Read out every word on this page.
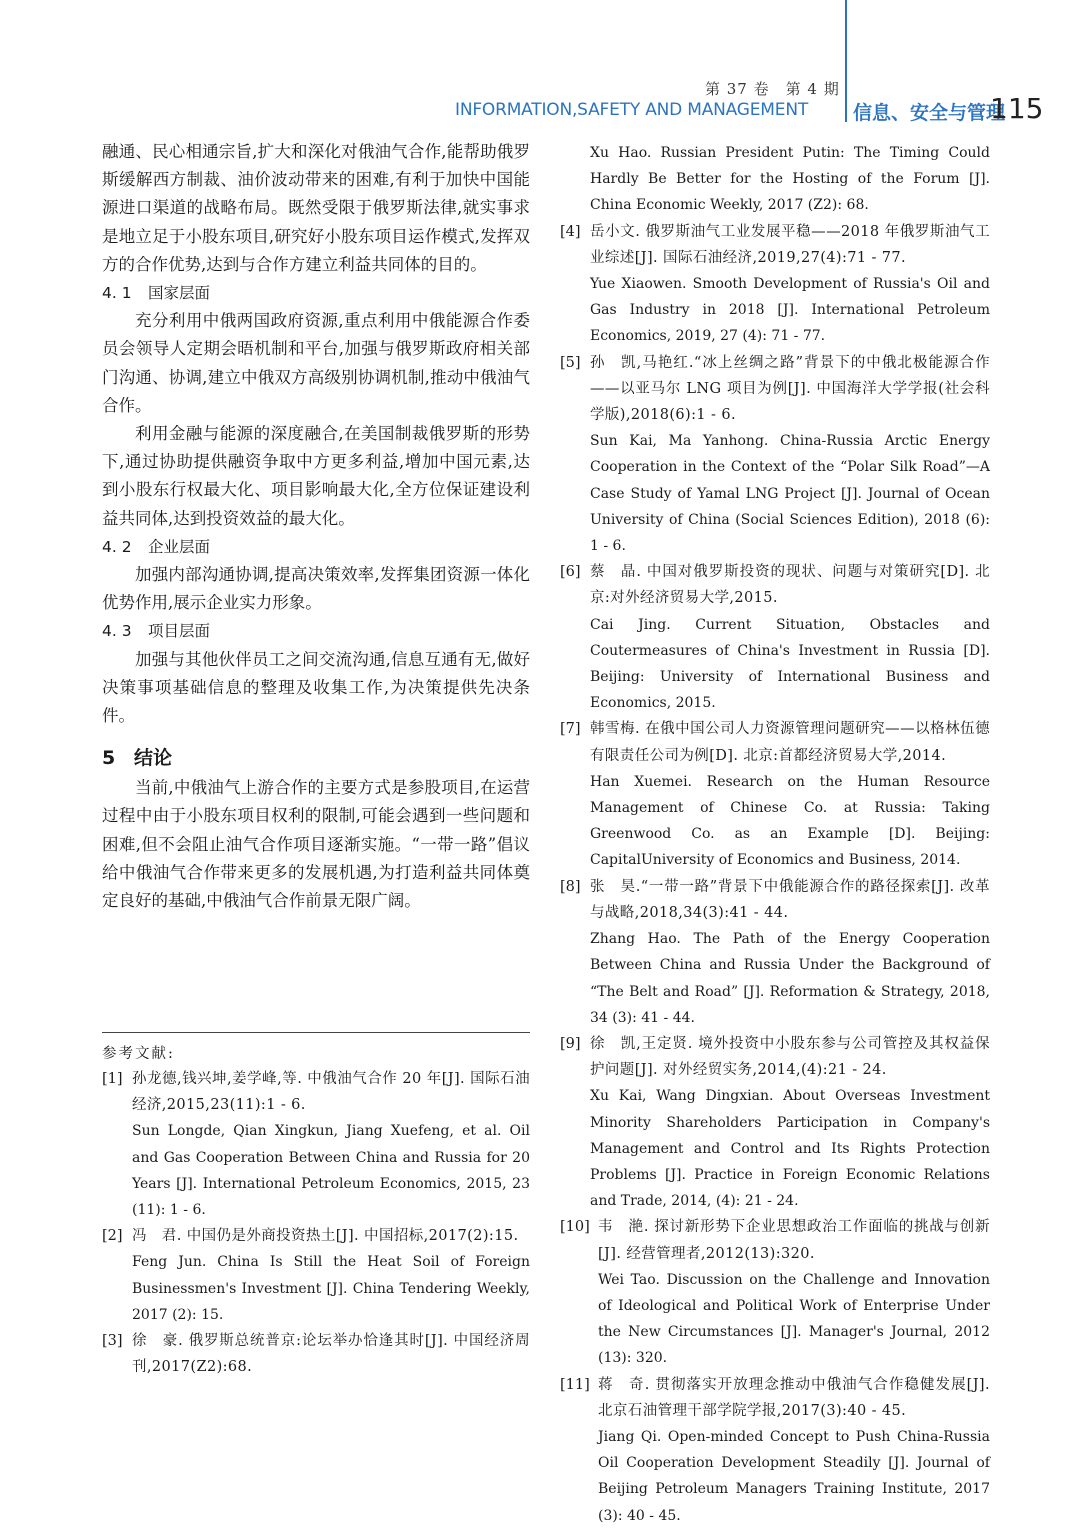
第 37 卷　第 4 期
INFORMATION,SAFETY AND MANAGEMENT 信息、安全与管理
115

融通、民心相通宗旨,扩大和深化对俄油气合作,能帮助俄罗斯缓解西方制裁、油价波动带来的困难,有利于加快中国能源进口渠道的战略布局。既然受限于俄罗斯法律,就实事求是地立足于小股东项目,研究好小股东项目运作模式,发挥双方的合作优势,达到与合作方建立利益共同体的目的。

4. 1 国家层面

充分利用中俄两国政府资源,重点利用中俄能源合作委员会领导人定期会晤机制和平台,加强与俄罗斯政府相关部门沟通、协调,建立中俄双方高级别协调机制,推动中俄油气合作。

利用金融与能源的深度融合,在美国制裁俄罗斯的形势下,通过协助提供融资争取中方更多利益,增加中国元素,达到小股东行权最大化、项目影响最大化,全方位保证建设利益共同体,达到投资效益的最大化。

4. 2 企业层面

加强内部沟通协调,提高决策效率,发挥集团资源一体化优势作用,展示企业实力形象。

4. 3 项目层面

加强与其他伙伴员工之间交流沟通,信息互通有无,做好决策事项基础信息的整理及收集工作,为决策提供先决条件。

5 结论

当前,中俄油气上游合作的主要方式是参股项目,在运营过程中由于小股东项目权利的限制,可能会遇到一些问题和困难,但不会阻止油气合作项目逐渐实施。“一带一路”倡议给中俄油气合作带来更多的发展机遇,为打造利益共同体奠定良好的基础,中俄油气合作前景无限广阔。

参考文献:
[1] 孙龙德,钱兴坤,姜学峰,等. 中俄油气合作 20 年[J]. 国际石油经济,2015,23(11):1 - 6.

Sun Longde, Qian Xingkun, Jiang Xuefeng, et al. Oil and Gas Cooperation Between China and Russia for 20 Years [J]. International Petroleum Economics, 2015, 23 (11): 1 - 6.

[2] 冯　君. 中国仍是外商投资热土[J]. 中国招标,2017(2):15.

Feng Jun. China Is Still the Heat Soil of Foreign Businessmen's Investment [J]. China Tendering Weekly, 2017 (2): 15.

[3] 徐　豪. 俄罗斯总统普京:论坛举办恰逢其时[J]. 中国经济周刊,2017(Z2):68.

Xu Hao. Russian President Putin: The Timing Could Hardly Be Better for the Hosting of the Forum [J]. China Economic Weekly, 2017 (Z2): 68.

[4] 岳小文. 俄罗斯油气工业发展平稳——2018 年俄罗斯油气工业综述[J]. 国际石油经济,2019,27(4):71 - 77.

Yue Xiaowen. Smooth Development of Russia's Oil and Gas Industry in 2018 [J]. International Petroleum Economics, 2019, 27 (4): 71 - 77.

[5] 孙　凯,马艳红.“冰上丝绸之路”背景下的中俄北极能源合作——以亚马尔 LNG 项目为例[J]. 中国海洋大学学报(社会科学版),2018(6):1 - 6.

Sun Kai, Ma Yanhong. China-Russia Arctic Energy Cooperation in the Context of the “Polar Silk Road”—A Case Study of Yamal LNG Project [J]. Journal of Ocean University of China (Social Sciences Edition), 2018 (6): 1 - 6.

[6] 蔡　晶. 中国对俄罗斯投资的现状、问题与对策研究[D]. 北京:对外经济贸易大学,2015.

Cai Jing. Current Situation, Obstacles and Coutermeasures of China's Investment in Russia [D]. Beijing: University of International Business and Economics, 2015.

[7] 韩雪梅. 在俄中国公司人力资源管理问题研究——以格林伍德有限责任公司为例[D]. 北京:首都经济贸易大学,2014.

Han Xuemei. Research on the Human Resource Management of Chinese Co. at Russia: Taking Greenwood Co. as an Example [D]. Beijing: CapitalUniversity of Economics and Business, 2014.

[8] 张　昊.“一带一路”背景下中俄能源合作的路径探索[J]. 改革与战略,2018,34(3):41 - 44.

Zhang Hao. The Path of the Energy Cooperation Between China and Russia Under the Background of “The Belt and Road” [J]. Reformation & Strategy, 2018, 34 (3): 41 - 44.

[9] 徐　凯,王定贤. 境外投资中小股东参与公司管控及其权益保护问题[J]. 对外经贸实务,2014,(4):21 - 24.

Xu Kai, Wang Dingxian. About Overseas Investment Minority Shareholders Participation in Company's Management and Control and Its Rights Protection Problems [J]. Practice in Foreign Economic Relations and Trade, 2014, (4): 21 - 24.

[10] 韦　滟. 探讨新形势下企业思想政治工作面临的挑战与创新[J]. 经营管理者,2012(13):320.

Wei Tao. Discussion on the Challenge and Innovation of Ideological and Political Work of Enterprise Under the New Circumstances [J]. Manager's Journal, 2012 (13): 320.

[11] 蒋　奇. 贯彻落实开放理念推动中俄油气合作稳健发展[J]. 北京石油管理干部学院学报,2017(3):40 - 45.

Jiang Qi. Open-minded Concept to Push China-Russia Oil Cooperation Development Steadily [J]. Journal of Beijing Petroleum Managers Training Institute, 2017 (3): 40 - 45.
